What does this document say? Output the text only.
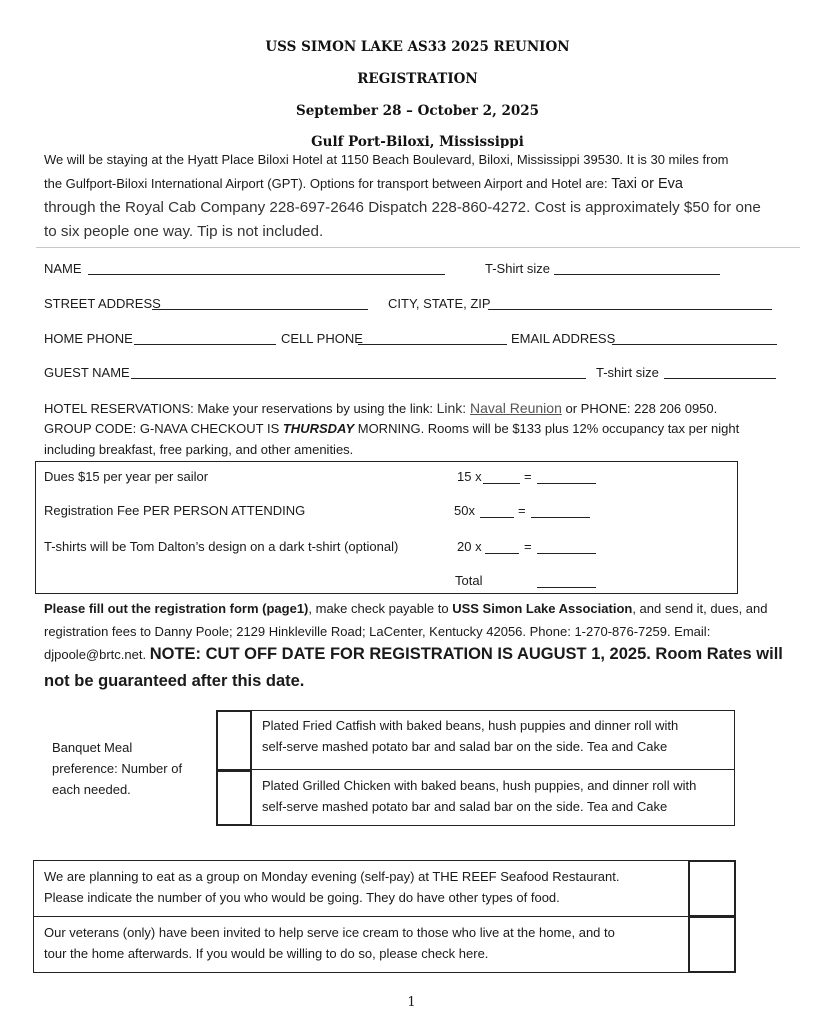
USS SIMON LAKE AS33 2025 REUNION
REGISTRATION
September 28 – October 2, 2025
Gulf Port-Biloxi, Mississippi
We will be staying at the Hyatt Place Biloxi Hotel at 1150 Beach Boulevard, Biloxi, Mississippi 39530. It is 30 miles from
the Gulfport-Biloxi International Airport (GPT). Options for transport between Airport and Hotel are: Taxi or Eva
through the Royal Cab Company 228-697-2646 Dispatch 228-860-4272. Cost is approximately $50 for one
to six people one way. Tip is not included.
NAME	T-Shirt size
STREET ADDRESS	CITY, STATE, ZIP
HOME PHONE	CELL PHONE	EMAIL ADDRESS
GUEST NAME	T-shirt size
HOTEL RESERVATIONS: Make your reservations by using the link: Link: Naval Reunion or PHONE: 228 206 0950.
GROUP CODE: G-NAVA CHECKOUT IS THURSDAY MORNING. Rooms will be $133 plus 12% occupancy tax per night
including breakfast, free parking, and other amenities.
Dues $15 per year per sailor	15 x	=
Registration Fee PER PERSON ATTENDING	50x	=
T-shirts will be Tom Dalton’s design on a dark t-shirt (optional)	20 x	=
Total
Please fill out the registration form (page1), make check payable to USS Simon Lake Association, and send it, dues, and
registration fees to Danny Poole; 2129 Hinkleville Road; LaCenter, Kentucky 42056. Phone: 1-270-876-7259. Email:
djpoole@brtc.net. NOTE: CUT OFF DATE FOR REGISTRATION IS AUGUST 1, 2025. Room Rates will
not be guaranteed after this date.
Banquet Meal
preference: Number of
each needed.
Plated Fried Catfish with baked beans, hush puppies and dinner roll with
self-serve mashed potato bar and salad bar on the side. Tea and Cake
Plated Grilled Chicken with baked beans, hush puppies, and dinner roll with
self-serve mashed potato bar and salad bar on the side. Tea and Cake
We are planning to eat as a group on Monday evening (self-pay) at THE REEF Seafood Restaurant.
Please indicate the number of you who would be going. They do have other types of food.
Our veterans (only) have been invited to help serve ice cream to those who live at the home, and to
tour the home afterwards. If you would be willing to do so, please check here.
1
